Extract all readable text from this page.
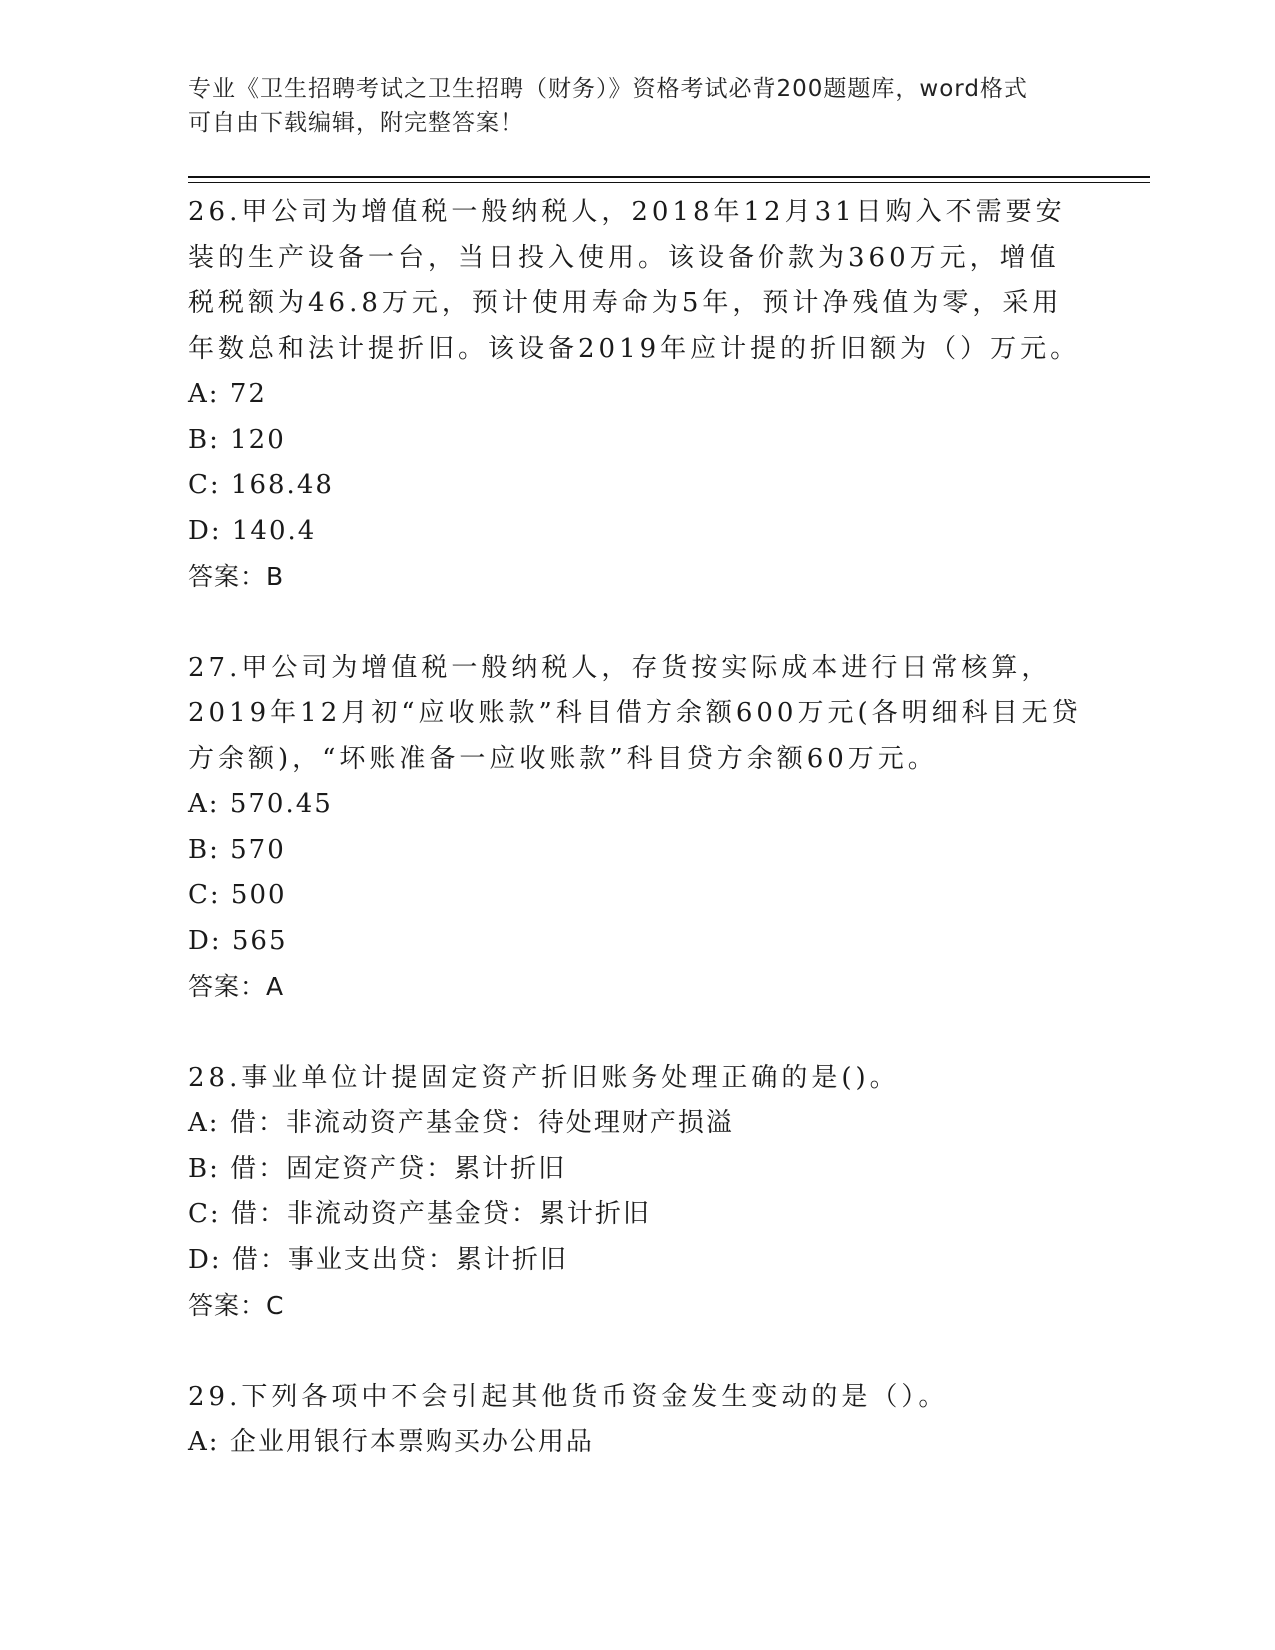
专业《卫生招聘考试之卫生招聘（财务）》资格考试必背200题题库，word格式
可自由下载编辑，附完整答案！

26.甲公司为增值税一般纳税人，2018年12月31日购入不需要安装的生产设备一台，当日投入使用。该设备价款为360万元，增值税税额为46.8万元，预计使用寿命为5年，预计净残值为零，采用年数总和法计提折旧。该设备2019年应计提的折旧额为（）万元。

A: 72

B: 120

C: 168.48

D: 140.4

答案：B

27.甲公司为增值税一般纳税人，存货按实际成本进行日常核算，2019年12月初“应收账款”科目借方余额600万元(各明细科目无贷方余额)，“坏账准备一应收账款”科目贷方余额60万元。

A: 570.45

B: 570

C: 500

D: 565

答案：A

28.事业单位计提固定资产折旧账务处理正确的是()。

A: 借：非流动资产基金贷：待处理财产损溢

B: 借：固定资产贷：累计折旧

C: 借：非流动资产基金贷：累计折旧

D: 借：事业支出贷：累计折旧

答案：C

29.下列各项中不会引起其他货币资金发生变动的是（）。

A: 企业用银行本票购买办公用品
